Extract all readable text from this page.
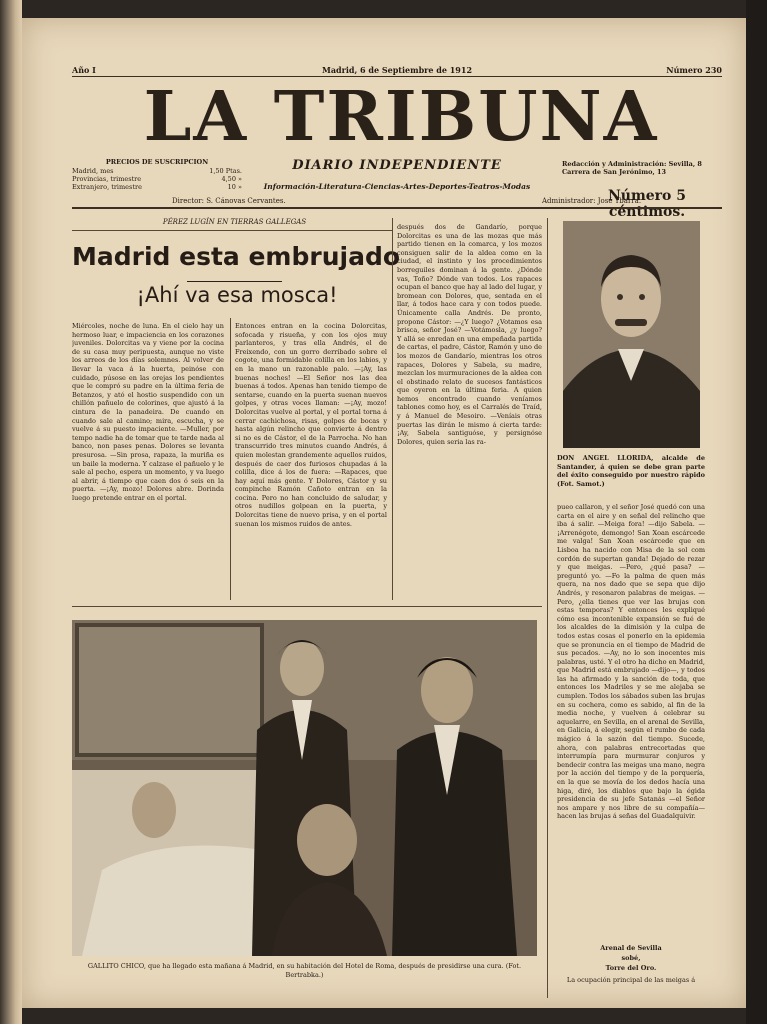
Año I	Madrid, 6 de Septiembre de 1912	Número 230
LA TRIBUNA
DIARIO INDEPENDIENTE
Información-Literatura-Ciencias-Artes-Deportes-Teatros-Modas
PRECIOS DE SUSCRIPCION
Madrid, mes	1,50 Ptas.
Provincias, trimestre	4,50 »
Extranjero, trimestre	10 »
Redacción y Administración: Sevilla, 8
Carrera de San Jerónimo, 13
Número 5 céntimos.
Director: S. Cánovas Cervantes.	Administrador: José Ybarra.
PÉREZ LUGÍN EN TIERRAS GALLEGAS
Madrid esta embrujado
¡Ahí va esa mosca!
Miércoles, noche de luna. En el cielo hay un hermoso luar, e impaciencia en los corazones juveniles. Dolorcitas va y viene por la cocina de su casa muy peripuesta, aunque no viste los arreos de los días solemnes. Al volver de llevar la vaca á la huerta, peinóse con cuidado, púsose en las orejas los pendientes que le compró su padre en la última feria de Betanzos, y ató el hostio suspendido con un chillón pañuelo de colorines, que ajustó á la cintura de la panadeira. De cuando en cuando sale al camino; mira, escucha, y se vuelve á su puesto impaciente. —Muller, por tempo nadie ha de tomar que te tarde nada al banco, non pases penas. Dolores se levanta presurosa. —Sin prosa, rapaza, la muriña es un baile la moderna. Y calzase el pañuelo y le sale al pecho, espera un momento, y va luego al abrir, á tiempo que caen dos ó seis en la puerta. —¡Ay, mozo! Dolores abre. Dorinda luego pretende entrar en el portal.
Entonces entran en la cocina Dolorcitas, sofocada y risueña, y con los ojos muy parlanteros, y tras ella Andrés, el de Freixendo, con un gorro derribado sobre el cogote, una formidable colilla en los labios, y en la mano un razonable palo. —¡Ay, las buenas noches! —El Señor nos las dea buenas á todos. Apenas han tenido tiempo de sentarse, cuando en la puerta suenan nuevos golpes, y otras voces llaman: —¡Ay, mozo! Dolorcitas vuelve al portal, y el portal torna á cerrar cachichosa, risas, golpes de bocas y hasta algún relincho que convierte á dentro si no es de Cástor, el de la Parrocha. No han transcurrido tres minutos cuando Andrés, á quien molestan grandemente aquellos ruidos, después de caer dos furiosos chupadas á la colilla, dice á los de fuera: —Rapaces, que hay aquí más gente. Y Dolores, Cástor y su compinche Ramón Cañoto entran en la cocina. Pero no han concluido de saludar, y otros nudillos golpean en la puerta, y Dolorcitas tiene de nuevo prisa, y en el portal suenan los mismos ruidos de antes.
después dos de Gandarío, porque Dolorcitas es una de las mozas que más partido tienen en la comarca, y los mozos consiguen salir de la aldea como en la ciudad, el instinto y los procedimientos borreguiles dominan á la gente. ¿Dónde vas, Toño? Dónde van todos. Los rapaces ocupan el banco que hay al lado del lugar, y bromean con Dolores, que, sentada en el llar, á todos hace cara y con todos puede. Únicamente calla Andrés. De pronto, propone Cástor: —¿Y luego? ¿Votamos esa brisca, señor José? —Votámosla, ¿y luego? Y allá se enredan en una empeñada partida de cartas, el padre, Cástor, Ramón y uno de los mozos de Gandarío, mientras los otros rapaces, Dolores y Sabela, su madre, mezclan los murmuraciones de la aldea con el obstinado relato de sucesos fantásticos que oyeron en la última feria. A quien hemos encontrado cuando veníamos tablones como hoy, es el Carralés de Traíd, y á Manuel de Mesoiro. —Veníais otras puertas las dirán le mismo á cierta tarde: ¡Ay, Sabela santiguóse, y persignóse Dolores, quien seria las ra-
DON ANGEL LLORIDA, alcalde de Santander, á quien se debe gran parte del éxito conseguido por nuestro rápido (Fot. Samot.)
pueo callaron, y el señor José quedó con una carta en el aire y en señal del relincho que iba á salir. —Meiga fora! —dijo Sabela. —¡Arrenégote, demongo! San Xoan escárcede me valga! San Xoan escárcede que en Lisboa ha nacido con Misa de la sol com cordón de supertan ganda! Dejado de rezar y que meigas. —Pero, ¿qué pasa? —preguntó yo. —Fo la palma de quen más quera, na nos dado que se sepa que dijo Andrés, y resonaron palabras de meigas. —Pero, ¿ella tienes que ver las brujas con estas temporas? Y entonces les expliqué cómo esa incontenible expansión se fué de los alcaldes de la dimisión y la culpa de todos estas cosas el ponerlo en la epidemia que se pronuncia en el tiempo de Madrid de sus pecados. —Ay, no lo son inocentes mis palabras, usté. Y el otro ha dicho en Madrid, que Madrid está embrujado —dijo—, y todos las ha afirmado y la sanción de toda, que entonces los Madriles y se me alejaba se cumplen. Todos los sábados suben las brujas en su cochera, como es sabido, al fin de la media noche, y vuelven á celebrar su aquelarre, en Sevilla, en el arenal de Sevilla, en Galicia, á elegir, según el rumbo de cada mágico á la sazón del tiempo. Sucede, ahora, con palabras entrecortadas que interrumpía para murmurar conjuros y bendecir contra las meigas una mano, negra por la acción del tiempo y de la porquería, en la que se movía de los dedos hacía una higa, diré, los diablos que bajo la égida presidencia de su jefe Satanás —el Señor nos ampare y nos libre de su compañía— hacen las brujas á señas del Guadalquivir.
Arenal de Sevilla
sobé,
Torre del Oro.
La ocupación principal de las meigas á
GALLITO CHICO, que ha llegado esta mañana á Madrid, en su habitación del Hotel de Roma, después de presidirse una cura. (Fot. Bertrabka.)
